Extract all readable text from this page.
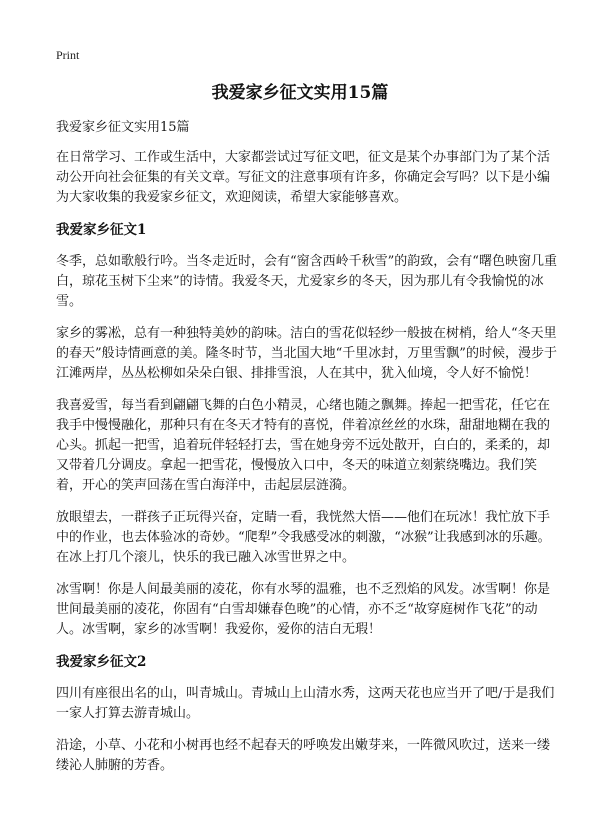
Print
我爱家乡征文实用15篇

我爱家乡征文实用15篇

在日常学习、工作或生活中，大家都尝试过写征文吧，征文是某个办事部门为了某个活动公开向社会征集的有关文章。写征文的注意事项有许多，你确定会写吗？以下是小编为大家收集的我爱家乡征文，欢迎阅读，希望大家能够喜欢。

我爱家乡征文1

冬季，总如歌般行吟。当冬走近时，会有“窗含西岭千秋雪”的韵致，会有“曙色映窗几重白，琼花玉树下尘来”的诗情。我爱冬天，尤爱家乡的冬天，因为那儿有令我愉悦的冰雪。

家乡的雾凇，总有一种独特美妙的韵味。洁白的雪花似轻纱一般披在树梢，给人“冬天里的春天”般诗情画意的美。隆冬时节，当北国大地“千里冰封，万里雪飘”的时候，漫步于江滩两岸，丛丛松柳如朵朵白银、排排雪浪，人在其中，犹入仙境，令人好不愉悦！

我喜爱雪，每当看到翩翩飞舞的白色小精灵，心绪也随之飘舞。捧起一把雪花，任它在我手中慢慢融化，那种只有在冬天才特有的喜悦，伴着凉丝丝的水珠，甜甜地糊在我的心头。抓起一把雪，追着玩伴轻轻打去，雪在她身旁不远处散开，白白的，柔柔的，却又带着几分调皮。拿起一把雪花，慢慢放入口中，冬天的味道立刻萦绕嘴边。我们笑着，开心的笑声回荡在雪白海洋中，击起层层涟漪。

放眼望去，一群孩子正玩得兴奋，定睛一看，我恍然大悟——他们在玩冰！我忙放下手中的作业，也去体验冰的奇妙。“爬犁”令我感受冰的刺激，“冰猴”让我感到冰的乐趣。在冰上打几个滚儿，快乐的我已融入冰雪世界之中。

冰雪啊！你是人间最美丽的凌花，你有水琴的温雅，也不乏烈焰的风发。冰雪啊！你是世间最美丽的凌花，你固有“白雪却嫌春色晚”的心情，亦不乏“故穿庭树作飞花”的动人。冰雪啊，家乡的冰雪啊！我爱你，爱你的洁白无瑕！

我爱家乡征文2

四川有座很出名的山，叫青城山。青城山上山清水秀，这两天花也应当开了吧/于是我们一家人打算去游青城山。

沿途，小草、小花和小树再也经不起春天的呼唤发出嫩芽来，一阵微风吹过，送来一缕缕沁人肺腑的芳香。
